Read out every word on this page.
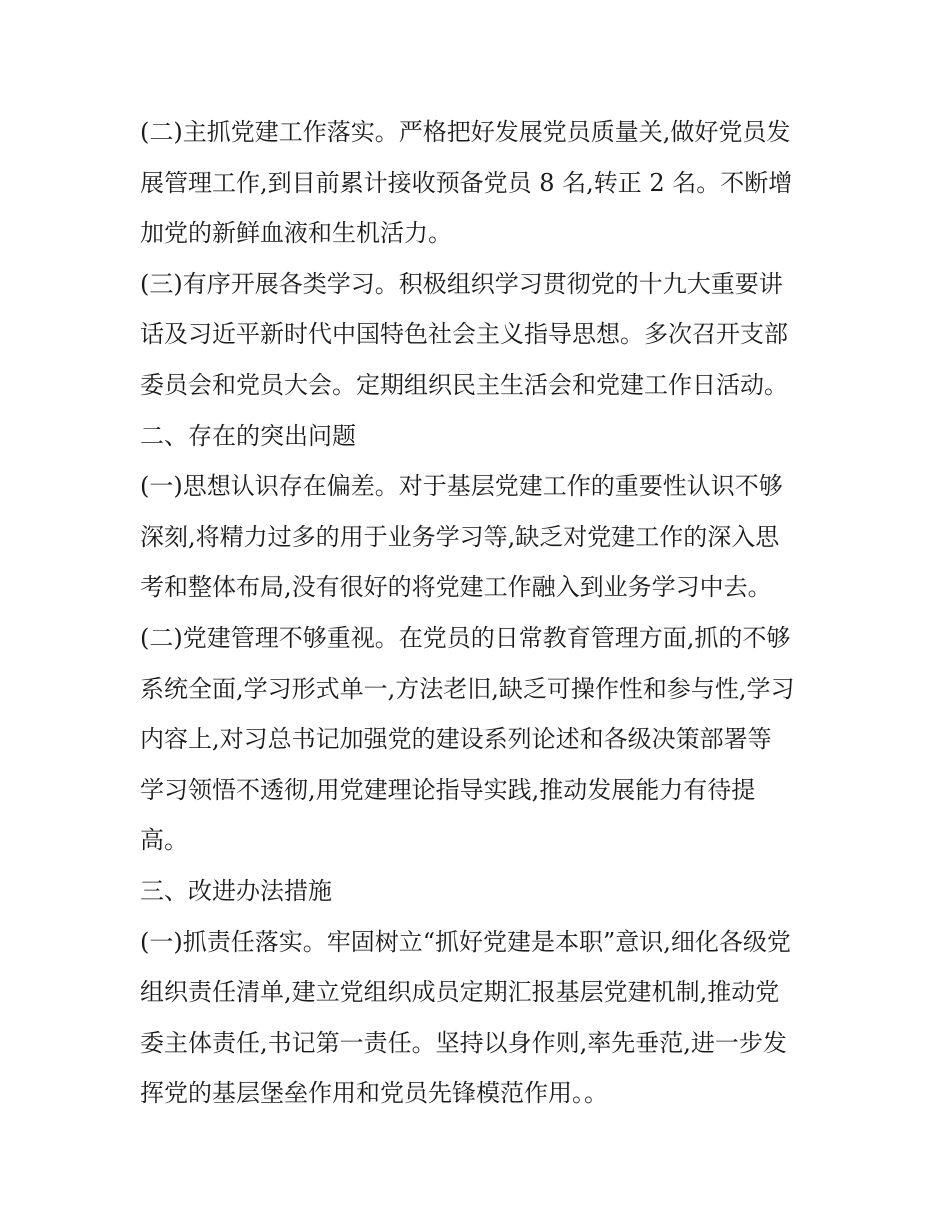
(二)主抓党建工作落实。严格把好发展党员质量关,做好党员发
展管理工作,到目前累计接收预备党员 8 名,转正 2 名。不断增
加党的新鲜血液和生机活力。
(三)有序开展各类学习。积极组织学习贯彻党的十九大重要讲
话及习近平新时代中国特色社会主义指导思想。多次召开支部
委员会和党员大会。定期组织民主生活会和党建工作日活动。
二、存在的突出问题
(一)思想认识存在偏差。对于基层党建工作的重要性认识不够
深刻,将精力过多的用于业务学习等,缺乏对党建工作的深入思
考和整体布局,没有很好的将党建工作融入到业务学习中去。
(二)党建管理不够重视。在党员的日常教育管理方面,抓的不够
系统全面,学习形式单一,方法老旧,缺乏可操作性和参与性,学习
内容上,对习总书记加强党的建设系列论述和各级决策部署等
学习领悟不透彻,用党建理论指导实践,推动发展能力有待提
高。
三、改进办法措施
(一)抓责任落实。牢固树立“抓好党建是本职”意识,细化各级党
组织责任清单,建立党组织成员定期汇报基层党建机制,推动党
委主体责任,书记第一责任。坚持以身作则,率先垂范,进一步发
挥党的基层堡垒作用和党员先锋模范作用。。
